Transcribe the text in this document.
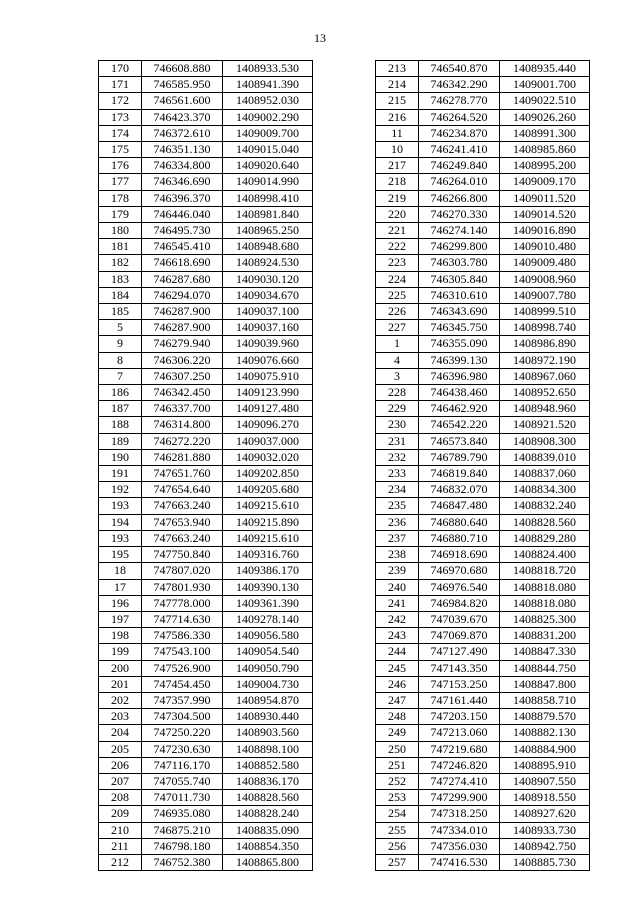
13
170	746608.880	1408933.530
171	746585.950	1408941.390
172	746561.600	1408952.030
173	746423.370	1409002.290
174	746372.610	1409009.700
175	746351.130	1409015.040
176	746334.800	1409020.640
177	746346.690	1409014.990
178	746396.370	1408998.410
179	746446.040	1408981.840
180	746495.730	1408965.250
181	746545.410	1408948.680
182	746618.690	1408924.530
183	746287.680	1409030.120
184	746294.070	1409034.670
185	746287.900	1409037.100
5	746287.900	1409037.160
9	746279.940	1409039.960
8	746306.220	1409076.660
7	746307.250	1409075.910
186	746342.450	1409123.990
187	746337.700	1409127.480
188	746314.800	1409096.270
189	746272.220	1409037.000
190	746281.880	1409032.020
191	747651.760	1409202.850
192	747654.640	1409205.680
193	747663.240	1409215.610
194	747653.940	1409215.890
193	747663.240	1409215.610
195	747750.840	1409316.760
18	747807.020	1409386.170
17	747801.930	1409390.130
196	747778.000	1409361.390
197	747714.630	1409278.140
198	747586.330	1409056.580
199	747543.100	1409054.540
200	747526.900	1409050.790
201	747454.450	1409004.730
202	747357.990	1408954.870
203	747304.500	1408930.440
204	747250.220	1408903.560
205	747230.630	1408898.100
206	747116.170	1408852.580
207	747055.740	1408836.170
208	747011.730	1408828.560
209	746935.080	1408828.240
210	746875.210	1408835.090
211	746798.180	1408854.350
212	746752.380	1408865.800
213	746540.870	1408935.440
214	746342.290	1409001.700
215	746278.770	1409022.510
216	746264.520	1409026.260
11	746234.870	1408991.300
10	746241.410	1408985.860
217	746249.840	1408995.200
218	746264.010	1409009.170
219	746266.800	1409011.520
220	746270.330	1409014.520
221	746274.140	1409016.890
222	746299.800	1409010.480
223	746303.780	1409009.480
224	746305.840	1409008.960
225	746310.610	1409007.780
226	746343.690	1408999.510
227	746345.750	1408998.740
1	746355.090	1408986.890
4	746399.130	1408972.190
3	746396.980	1408967.060
228	746438.460	1408952.650
229	746462.920	1408948.960
230	746542.220	1408921.520
231	746573.840	1408908.300
232	746789.790	1408839.010
233	746819.840	1408837.060
234	746832.070	1408834.300
235	746847.480	1408832.240
236	746880.640	1408828.560
237	746880.710	1408829.280
238	746918.690	1408824.400
239	746970.680	1408818.720
240	746976.540	1408818.080
241	746984.820	1408818.080
242	747039.670	1408825.300
243	747069.870	1408831.200
244	747127.490	1408847.330
245	747143.350	1408844.750
246	747153.250	1408847.800
247	747161.440	1408858.710
248	747203.150	1408879.570
249	747213.060	1408882.130
250	747219.680	1408884.900
251	747246.820	1408895.910
252	747274.410	1408907.550
253	747299.900	1408918.550
254	747318.250	1408927.620
255	747334.010	1408933.730
256	747356.030	1408942.750
257	747416.530	1408885.730
